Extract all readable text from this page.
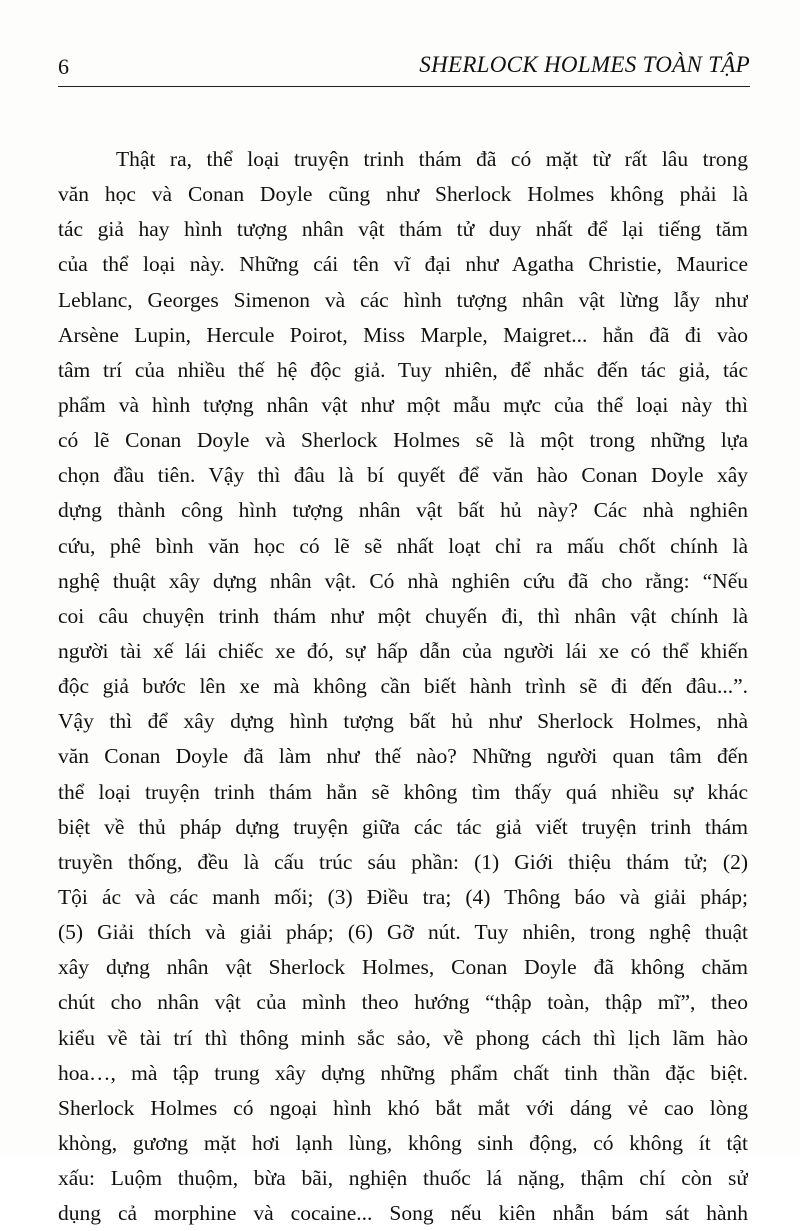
6	SHERLOCK HOLMES TOÀN TẬP
Thật ra, thể loại truyện trinh thám đã có mặt từ rất lâu trong
văn học và Conan Doyle cũng như Sherlock Holmes không phải là
tác giả hay hình tượng nhân vật thám tử duy nhất để lại tiếng tăm
của thể loại này. Những cái tên vĩ đại như Agatha Christie, Maurice
Leblanc, Georges Simenon và các hình tượng nhân vật lừng lẫy như
Arsène Lupin, Hercule Poirot, Miss Marple, Maigret... hẳn đã đi vào
tâm trí của nhiều thế hệ độc giả. Tuy nhiên, để nhắc đến tác giả, tác
phẩm và hình tượng nhân vật như một mẫu mực của thể loại này thì
có lẽ Conan Doyle và Sherlock Holmes sẽ là một trong những lựa
chọn đầu tiên. Vậy thì đâu là bí quyết để văn hào Conan Doyle xây
dựng thành công hình tượng nhân vật bất hủ này? Các nhà nghiên
cứu, phê bình văn học có lẽ sẽ nhất loạt chỉ ra mấu chốt chính là
nghệ thuật xây dựng nhân vật. Có nhà nghiên cứu đã cho rằng: “Nếu
coi câu chuyện trinh thám như một chuyến đi, thì nhân vật chính là
người tài xế lái chiếc xe đó, sự hấp dẫn của người lái xe có thể khiến
độc giả bước lên xe mà không cần biết hành trình sẽ đi đến đâu...”.
Vậy thì để xây dựng hình tượng bất hủ như Sherlock Holmes, nhà
văn Conan Doyle đã làm như thế nào? Những người quan tâm đến
thể loại truyện trinh thám hẳn sẽ không tìm thấy quá nhiều sự khác
biệt về thủ pháp dựng truyện giữa các tác giả viết truyện trinh thám
truyền thống, đều là cấu trúc sáu phần: (1) Giới thiệu thám tử; (2)
Tội ác và các manh mối; (3) Điều tra; (4) Thông báo và giải pháp;
(5) Giải thích và giải pháp; (6) Gỡ nút. Tuy nhiên, trong nghệ thuật
xây dựng nhân vật Sherlock Holmes, Conan Doyle đã không chăm
chút cho nhân vật của mình theo hướng “thập toàn, thập mĩ”, theo
kiểu về tài trí thì thông minh sắc sảo, về phong cách thì lịch lãm hào
hoa…, mà tập trung xây dựng những phẩm chất tinh thần đặc biệt.
Sherlock Holmes có ngoại hình khó bắt mắt với dáng vẻ cao lòng
khòng, gương mặt hơi lạnh lùng, không sinh động, có không ít tật
xấu: Luộm thuộm, bừa bãi, nghiện thuốc lá nặng, thậm chí còn sử
dụng cả morphine và cocaine... Song nếu kiên nhẫn bám sát hành
